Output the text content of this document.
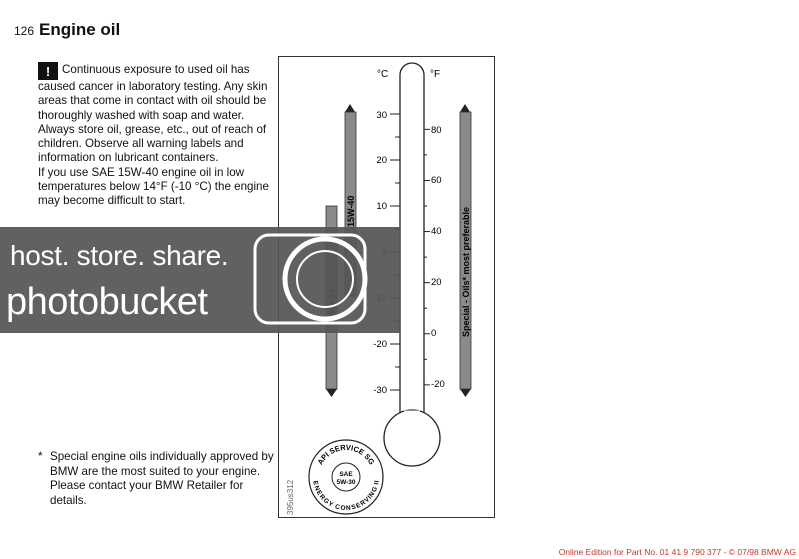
126 Engine oil

! Continuous exposure to used oil has caused cancer in laboratory testing. Any skin areas that come in contact with oil should be thoroughly washed with soap and water.

Always store oil, grease, etc., out of reach of children. Observe all warning labels and information on lubricant containers.

If you use SAE 15W-40 engine oil in low temperatures below 14°F (-10 °C) the engine may become difficult to start.

* Special engine oils individually approved by BMW are the most suited to your engine. Please contact your BMW Retailer for details.
°C	°F
30
20
10
-20
-30
80
60
40
20
0
-20
15W-40	Special - Oils* most preferable
API SERVICE SG
ENERGY CONSERVING II
SAE
5W-30
395us312
Online Edition for Part No. 01 41 9 790 377 - © 07/98 BMW AG
host. store. share.
photobucket
